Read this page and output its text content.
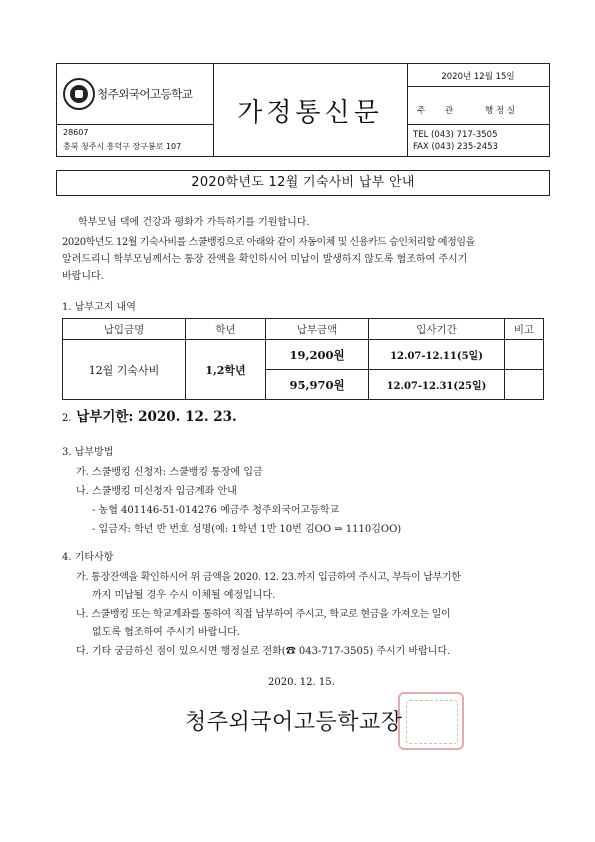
청주외국어고등학교
28607
충북 청주시 흥덕구 장구봉로 107
가정통신문
2020년 12월 15일
주 관	행 정 실
TEL (043) 717-3505
FAX (043) 235-2453
2020학년도 12월 기숙사비 납부 안내
학부모님 댁에 건강과 평화가 가득하기를 기원합니다.
2020학년도 12월 기숙사비를 스쿨뱅킹으로 아래와 같이 자동이체 및 신용카드 승인처리할 예정임을
알려드리니 학부모님께서는 통장 잔액을 확인하시어 미납이 발생하지 않도록 협조하여 주시기
바랍니다.
1. 납부고지 내역
납입금명	학년	납부금액	입사기간	비고
12월 기숙사비	1,2학년
19,200원	12.07-12.11(5일)
95,970원	12.07-12.31(25일)
2. 납부기한: 2020. 12. 23.
3. 납부방법
가. 스쿨뱅킹 신청자: 스쿨뱅킹 통장에 입금
나. 스쿨뱅킹 미신청자 입금계좌 안내
- 농협 401146-51-014276 예금주 청주외국어고등학교
- 입금자: 학년 반 번호 성명(예: 1학년 1반 10번 김OO ⇒ 1110김OO)
4. 기타사항
가. 통장잔액을 확인하시어 위 금액을 2020. 12. 23.까지 입금하여 주시고, 부득이 납부기한
까지 미납될 경우 수시 이체될 예정입니다.
나. 스쿨뱅킹 또는 학교계좌를 통하여 직접 납부하여 주시고, 학교로 현금을 가져오는 일이
없도록 협조하여 주시기 바랍니다.
다. 기타 궁금하신 점이 있으시면 행정실로 전화(☎ 043-717-3505) 주시기 바랍니다.
2020. 12. 15.
청주외국어고등학교장
